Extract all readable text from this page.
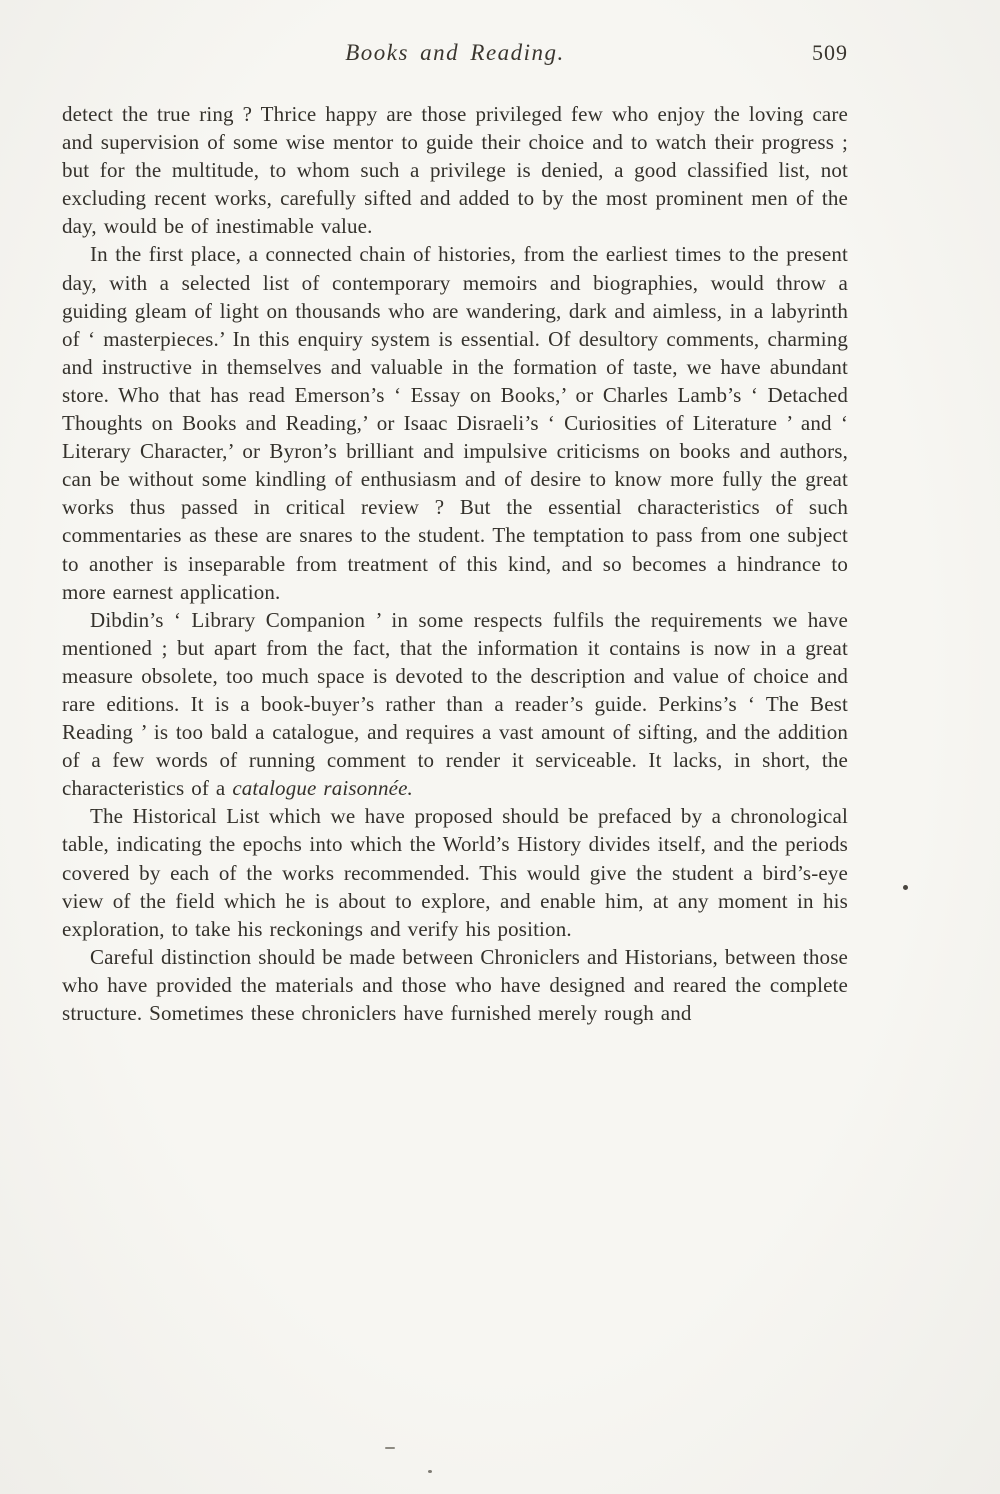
Books and Reading.	509

detect the true ring ? Thrice happy are those privileged few who enjoy the loving care and supervision of some wise mentor to guide their choice and to watch their progress ; but for the multitude, to whom such a privilege is denied, a good classified list, not excluding recent works, carefully sifted and added to by the most prominent men of the day, would be of inestimable value.

In the first place, a connected chain of histories, from the earliest times to the present day, with a selected list of contemporary memoirs and biographies, would throw a guiding gleam of light on thousands who are wandering, dark and aimless, in a labyrinth of ‘ masterpieces.’ In this enquiry system is essential. Of desultory comments, charming and instructive in themselves and valuable in the formation of taste, we have abundant store. Who that has read Emerson’s ‘ Essay on Books,’ or Charles Lamb’s ‘ Detached Thoughts on Books and Reading,’ or Isaac Disraeli’s ‘ Curiosities of Literature ’ and ‘ Literary Character,’ or Byron’s brilliant and impulsive criticisms on books and authors, can be without some kindling of enthusiasm and of desire to know more fully the great works thus passed in critical review ? But the essential characteristics of such commentaries as these are snares to the student. The temptation to pass from one subject to another is inseparable from treatment of this kind, and so becomes a hindrance to more earnest application.

Dibdin’s ‘ Library Companion ’ in some respects fulfils the requirements we have mentioned ; but apart from the fact, that the information it contains is now in a great measure obsolete, too much space is devoted to the description and value of choice and rare editions. It is a book-buyer’s rather than a reader’s guide. Perkins’s ‘ The Best Reading ’ is too bald a catalogue, and requires a vast amount of sifting, and the addition of a few words of running comment to render it serviceable. It lacks, in short, the characteristics of a catalogue raisonnée.

The Historical List which we have proposed should be prefaced by a chronological table, indicating the epochs into which the World’s History divides itself, and the periods covered by each of the works recommended. This would give the student a bird’s-eye view of the field which he is about to explore, and enable him, at any moment in his exploration, to take his reckonings and verify his position.

Careful distinction should be made between Chroniclers and Historians, between those who have provided the materials and those who have designed and reared the complete structure. Sometimes these chroniclers have furnished merely rough and
